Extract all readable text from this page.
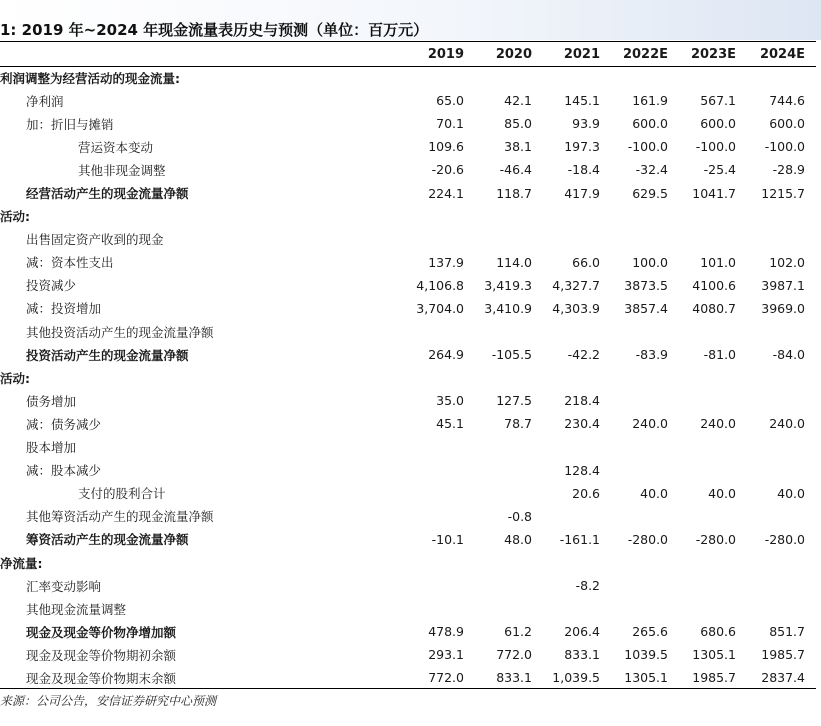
1: 2019 年~2024 年现金流量表历史与预测（单位：百万元）
	2019	2020	2021	2022E	2023E	2024E
利润调整为经营活动的现金流量:						
净利润	65.0	42.1	145.1	161.9	567.1	744.6
加：折旧与摊销	70.1	85.0	93.9	600.0	600.0	600.0
营运资本变动	109.6	38.1	197.3	-100.0	-100.0	-100.0
其他非现金调整	-20.6	-46.4	-18.4	-32.4	-25.4	-28.9
经营活动产生的现金流量净额	224.1	118.7	417.9	629.5	1041.7	1215.7
活动:						
出售固定资产收到的现金						
减：资本性支出	137.9	114.0	66.0	100.0	101.0	102.0
投资减少	4,106.8	3,419.3	4,327.7	3873.5	4100.6	3987.1
减：投资增加	3,704.0	3,410.9	4,303.9	3857.4	4080.7	3969.0
其他投资活动产生的现金流量净额						
投资活动产生的现金流量净额	264.9	-105.5	-42.2	-83.9	-81.0	-84.0
活动:						
债务增加	35.0	127.5	218.4			
减：债务减少	45.1	78.7	230.4	240.0	240.0	240.0
股本增加						
减：股本减少			128.4			
支付的股利合计			20.6	40.0	40.0	40.0
其他筹资活动产生的现金流量净额		-0.8				
筹资活动产生的现金流量净额	-10.1	48.0	-161.1	-280.0	-280.0	-280.0
净流量:						
汇率变动影响			-8.2			
其他现金流量调整						
现金及现金等价物净增加额	478.9	61.2	206.4	265.6	680.6	851.7
现金及现金等价物期初余额	293.1	772.0	833.1	1039.5	1305.1	1985.7
现金及现金等价物期末余额	772.0	833.1	1,039.5	1305.1	1985.7	2837.4
来源：公司公告，安信证券研究中心预测
